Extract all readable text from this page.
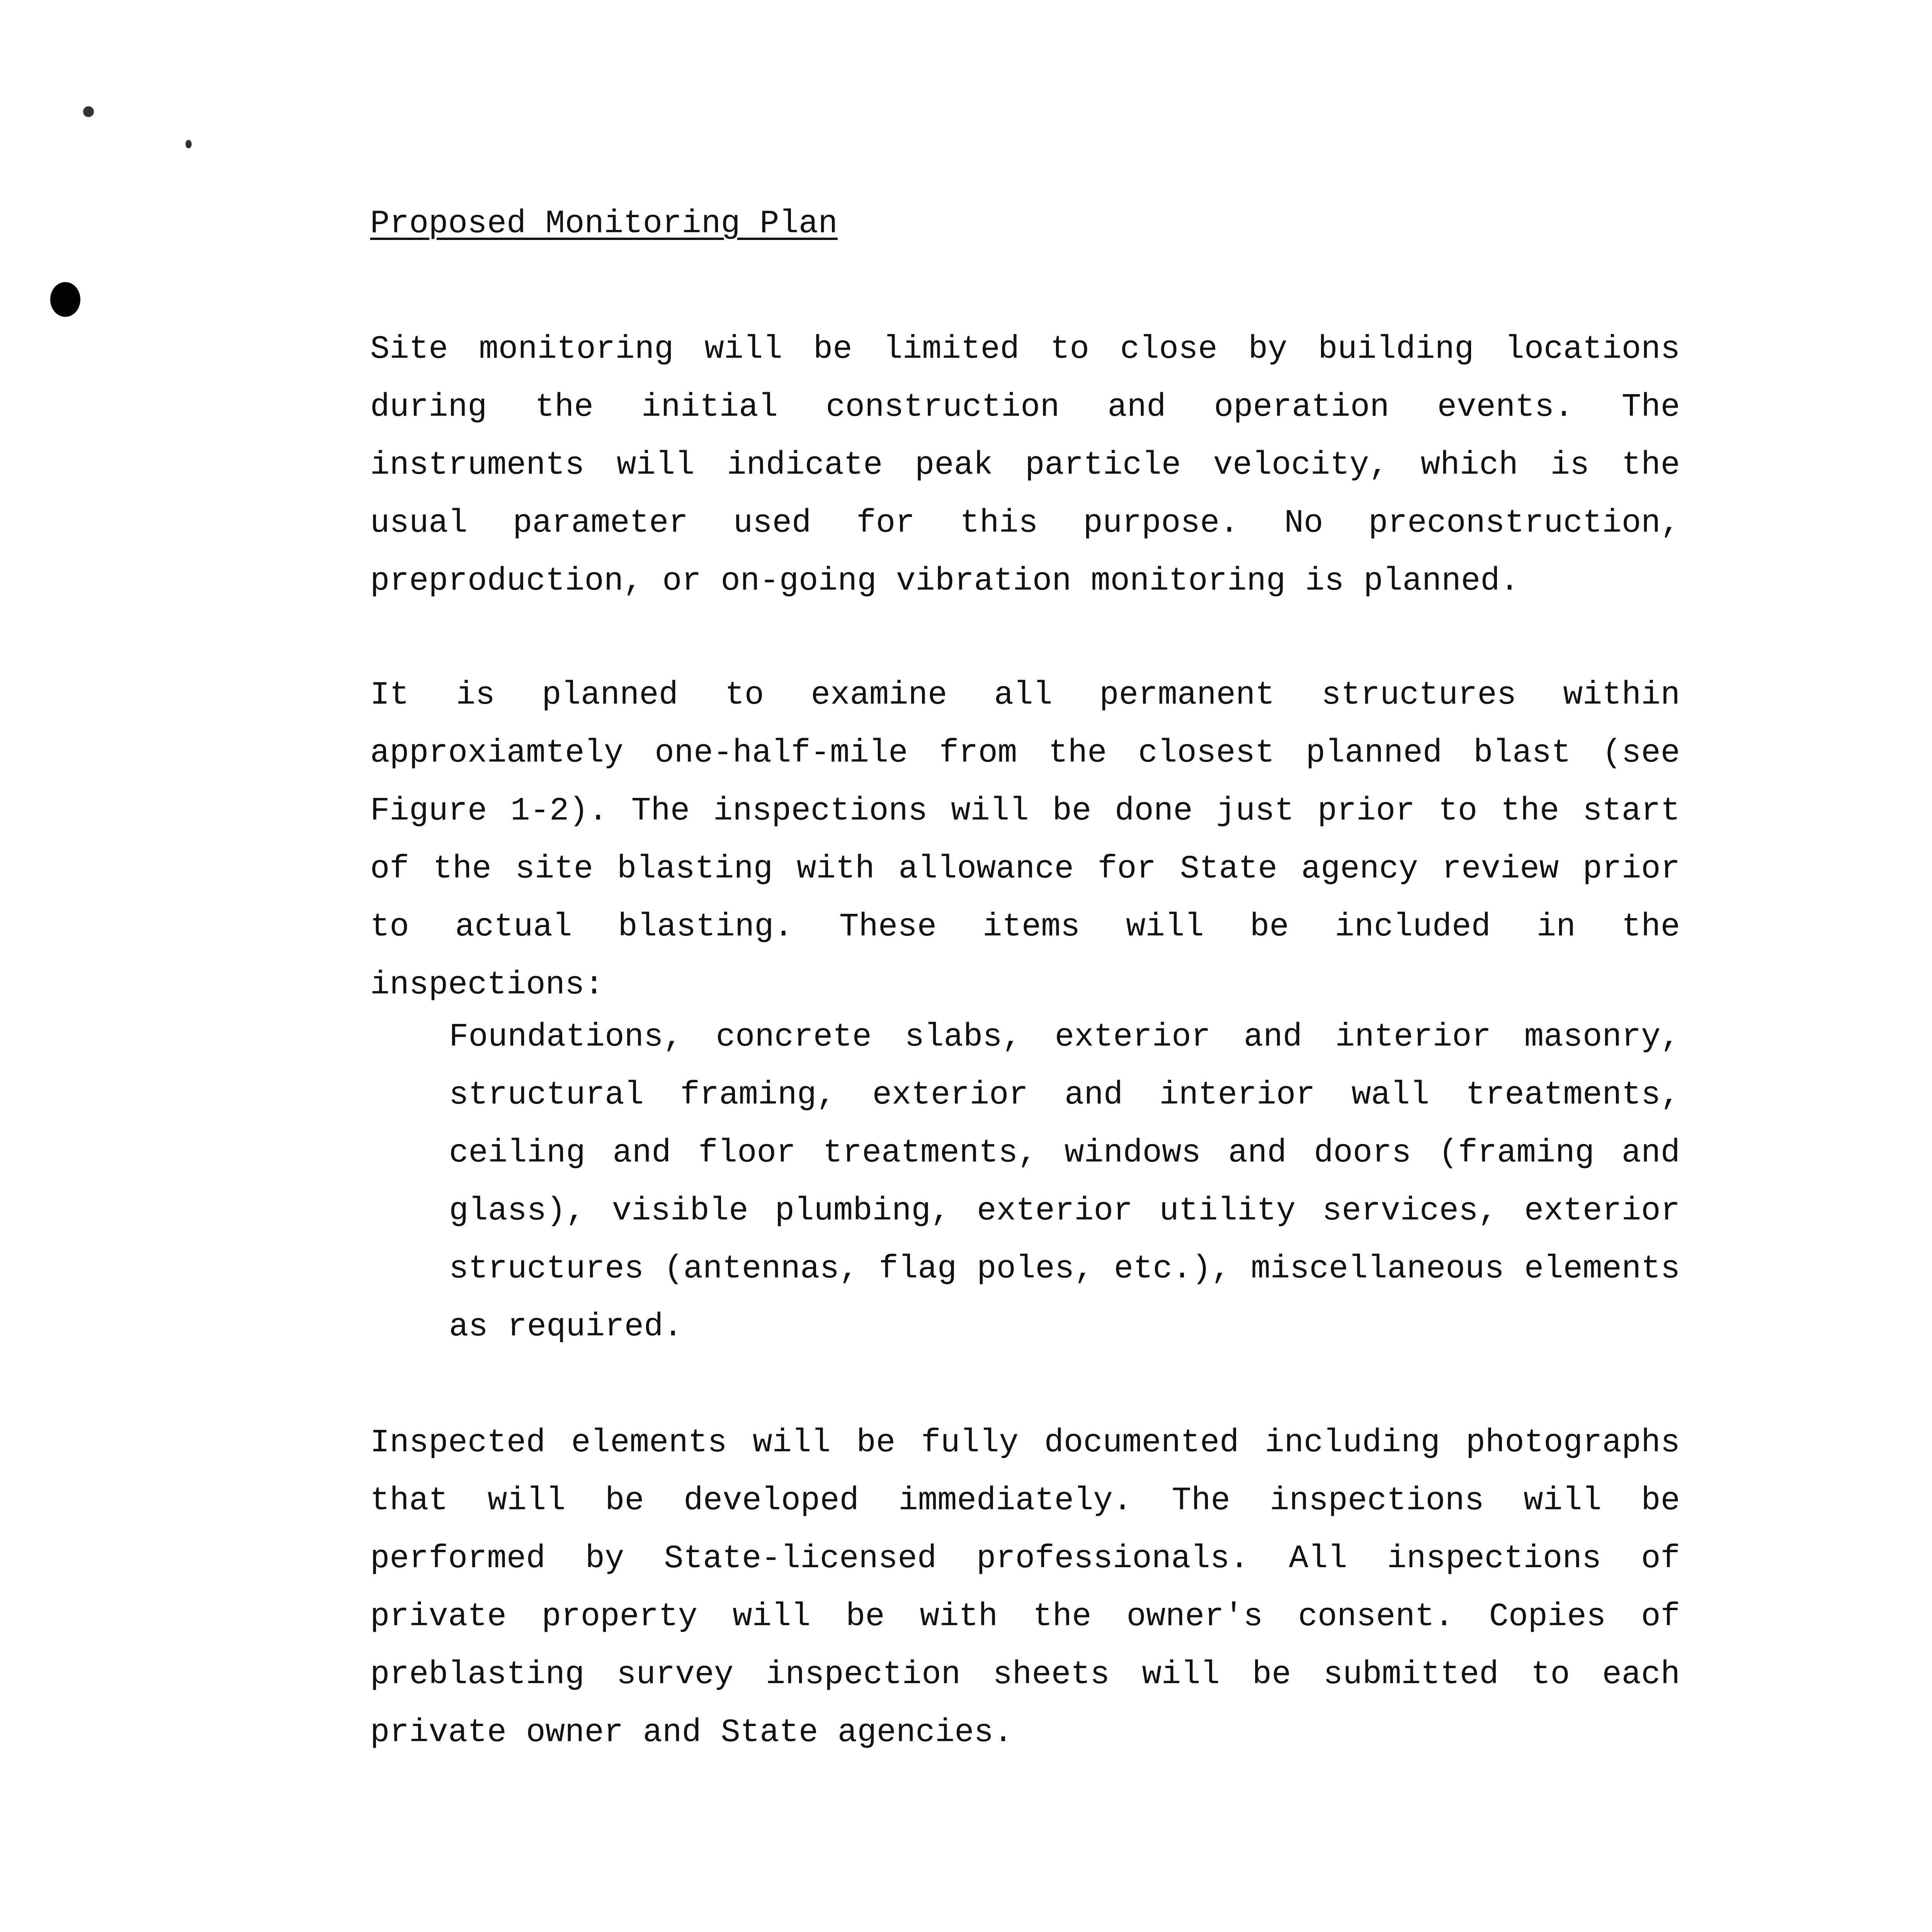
Proposed Monitoring Plan

Site monitoring will be limited to close by building locations during the initial construction and operation events. The instruments will indicate peak particle velocity, which is the usual parameter used for this purpose. No preconstruction, preproduction, or on-going vibration monitoring is planned.

It is planned to examine all permanent structures within approxiamtely one-half-mile from the closest planned blast (see Figure 1-2). The inspections will be done just prior to the start of the site blasting with allowance for State agency review prior to actual blasting. These items will be included in the inspections:

Foundations, concrete slabs, exterior and interior masonry, structural framing, exterior and interior wall treatments, ceiling and floor treatments, windows and doors (framing and glass), visible plumbing, exterior utility services, exterior structures (antennas, flag poles, etc.), miscellaneous elements as required.

Inspected elements will be fully documented including photographs that will be developed immediately. The inspections will be performed by State-licensed professionals. All inspections of private property will be with the owner's consent. Copies of preblasting survey inspection sheets will be submitted to each private owner and State agencies.
